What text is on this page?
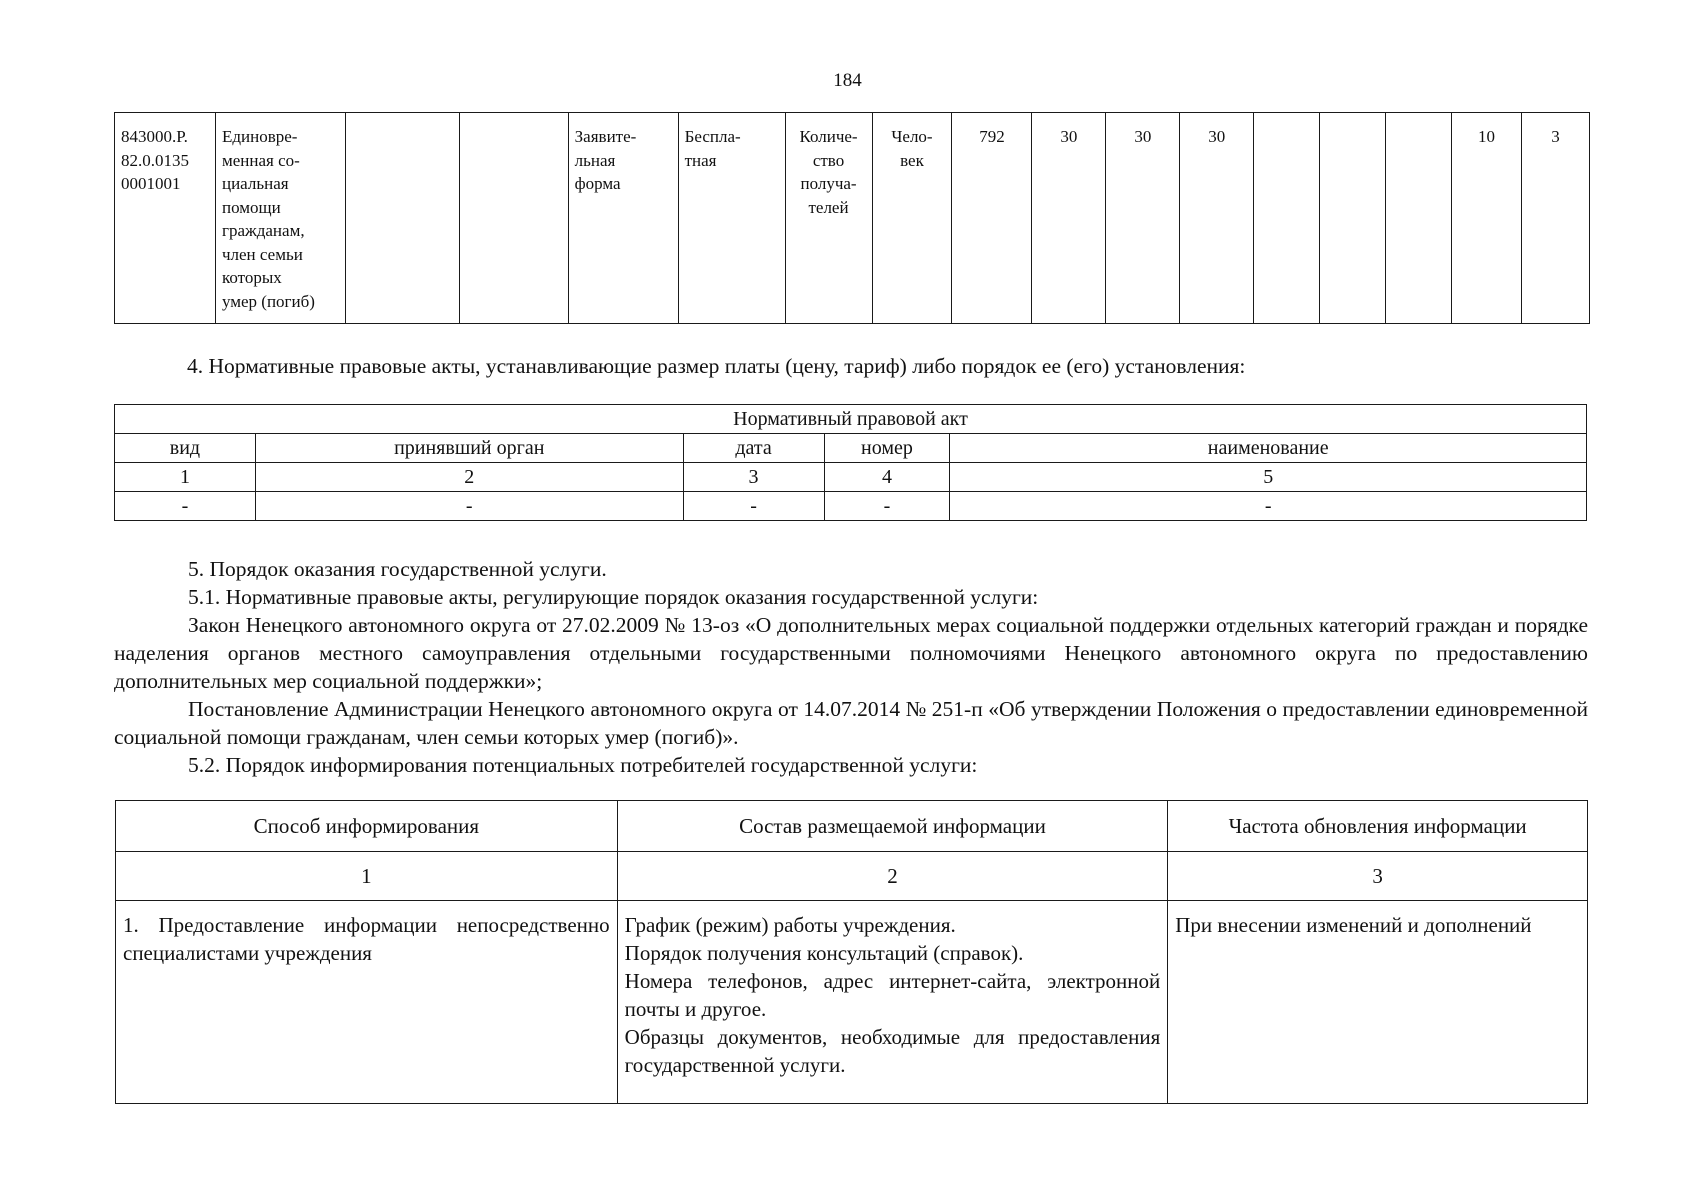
184
843000.Р.
82.0.0135
0001001	Единовре-
менная со-
циальная
помощи
гражданам,
член семьи
которых
умер (погиб)			Заявите-
льная
форма	Беспла-
тная	Количе-
ство
получа-
телей	Чело-
век	792	30	30	30				10	3
4. Нормативные правовые акты, устанавливающие размер платы (цену, тариф) либо порядок ее (его) установления:
Нормативный правовой акт				
вид	принявший орган	дата	номер	наименование
1	2	3	4	5
-	-	-	-	-
5. Порядок оказания государственной услуги.
5.1. Нормативные правовые акты, регулирующие порядок оказания государственной услуги:
Закон Ненецкого автономного округа от 27.02.2009 № 13-оз «О дополнительных мерах социальной поддержки отдельных категорий граждан и порядке наделения органов местного самоуправления отдельными государственными полномочиями Ненецкого автономного округа по предоставлению дополнительных мер социальной поддержки»;
Постановление Администрации Ненецкого автономного округа от 14.07.2014 № 251-п «Об утверждении Положения о предоставлении единовременной социальной помощи гражданам, член семьи которых умер (погиб)».
5.2. Порядок информирования потенциальных потребителей государственной услуги:
Способ информирования	Состав размещаемой информации	Частота обновления информации
1	2	3
1. Предоставление информации непосредственно специалистами учреждения	График (режим) работы учреждения.
Порядок получения консультаций (справок).
Номера телефонов, адрес интернет-сайта, электронной почты и другое.
Образцы документов, необходимые для предоставления государственной услуги.	При внесении изменений и дополнений
